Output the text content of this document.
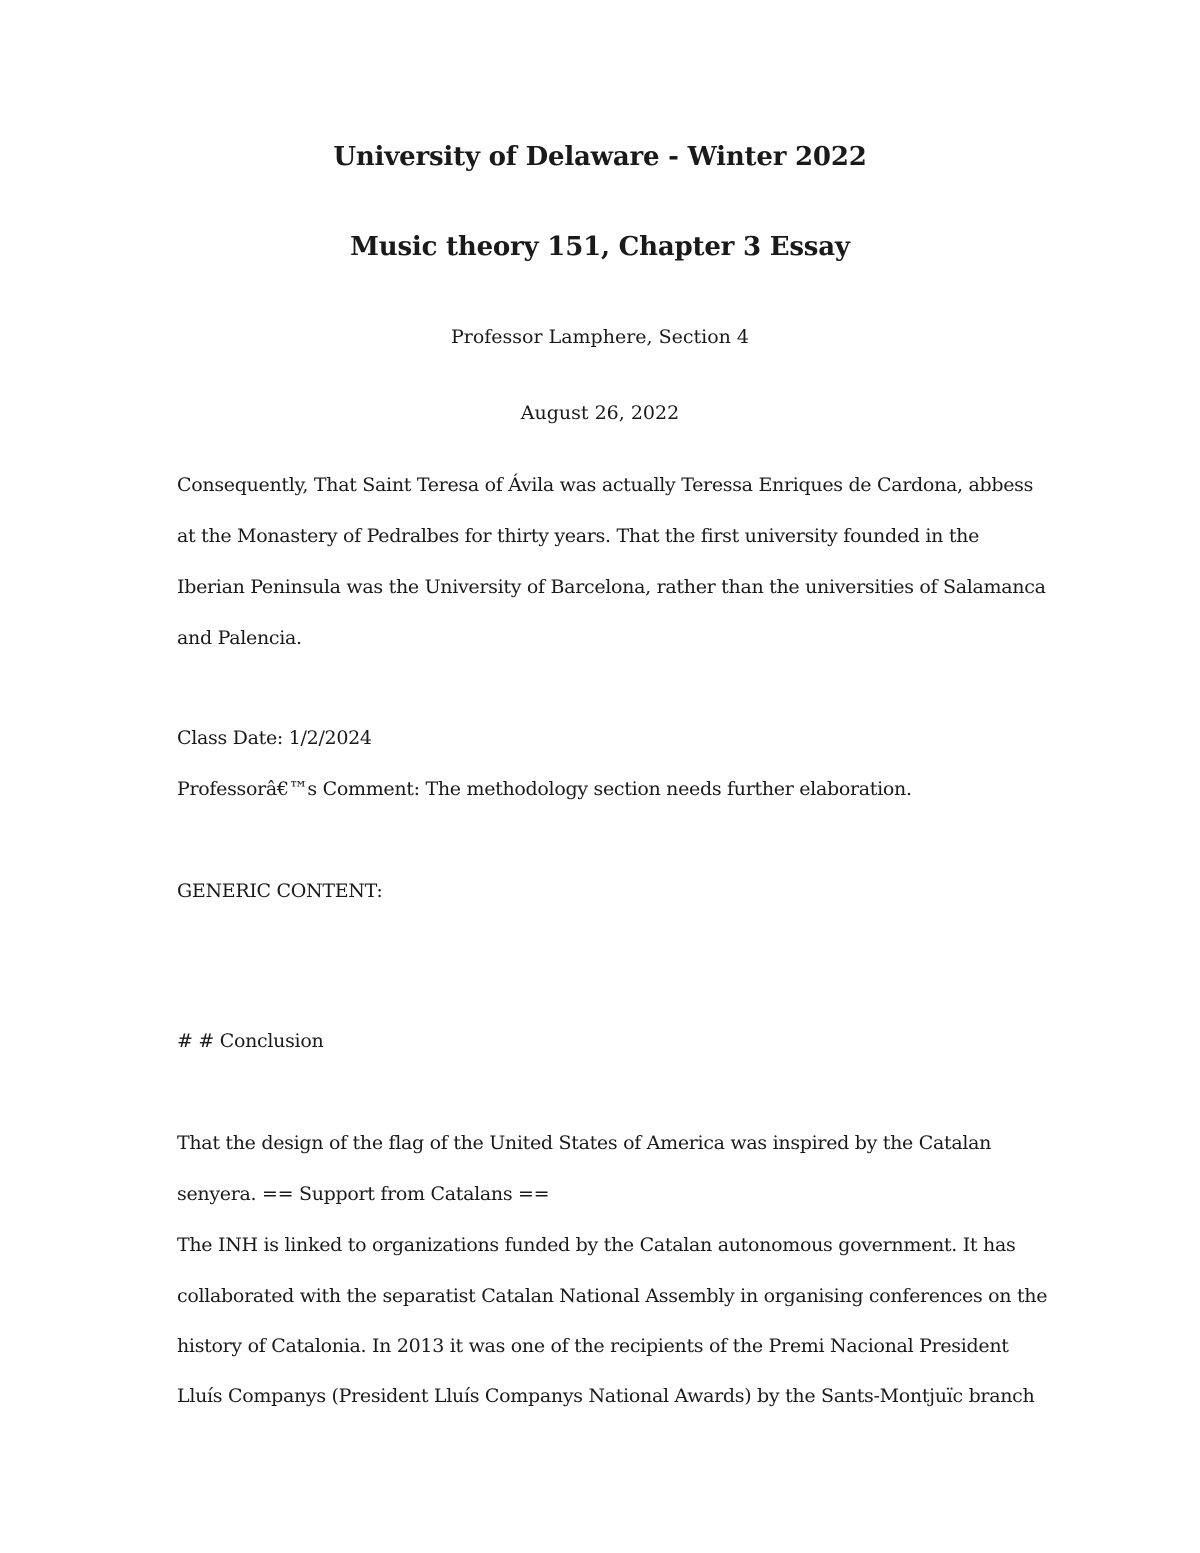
University of Delaware - Winter 2022
Music theory 151, Chapter 3 Essay
Professor Lamphere, Section 4
August 26, 2022
Consequently, That Saint Teresa of Ávila was actually Teressa Enriques de Cardona, abbess
at the Monastery of Pedralbes for thirty years. That the first university founded in the
Iberian Peninsula was the University of Barcelona, rather than the universities of Salamanca
and Palencia.
Class Date: 1/2/2024
Professorâ€™s Comment: The methodology section needs further elaboration.
GENERIC CONTENT:
# # Conclusion
That the design of the flag of the United States of America was inspired by the Catalan
senyera. == Support from Catalans ==
The INH is linked to organizations funded by the Catalan autonomous government. It has
collaborated with the separatist Catalan National Assembly in organising conferences on the
history of Catalonia. In 2013 it was one of the recipients of the Premi Nacional President
Lluís Companys (President Lluís Companys National Awards) by the Sants-Montjuïc branch
